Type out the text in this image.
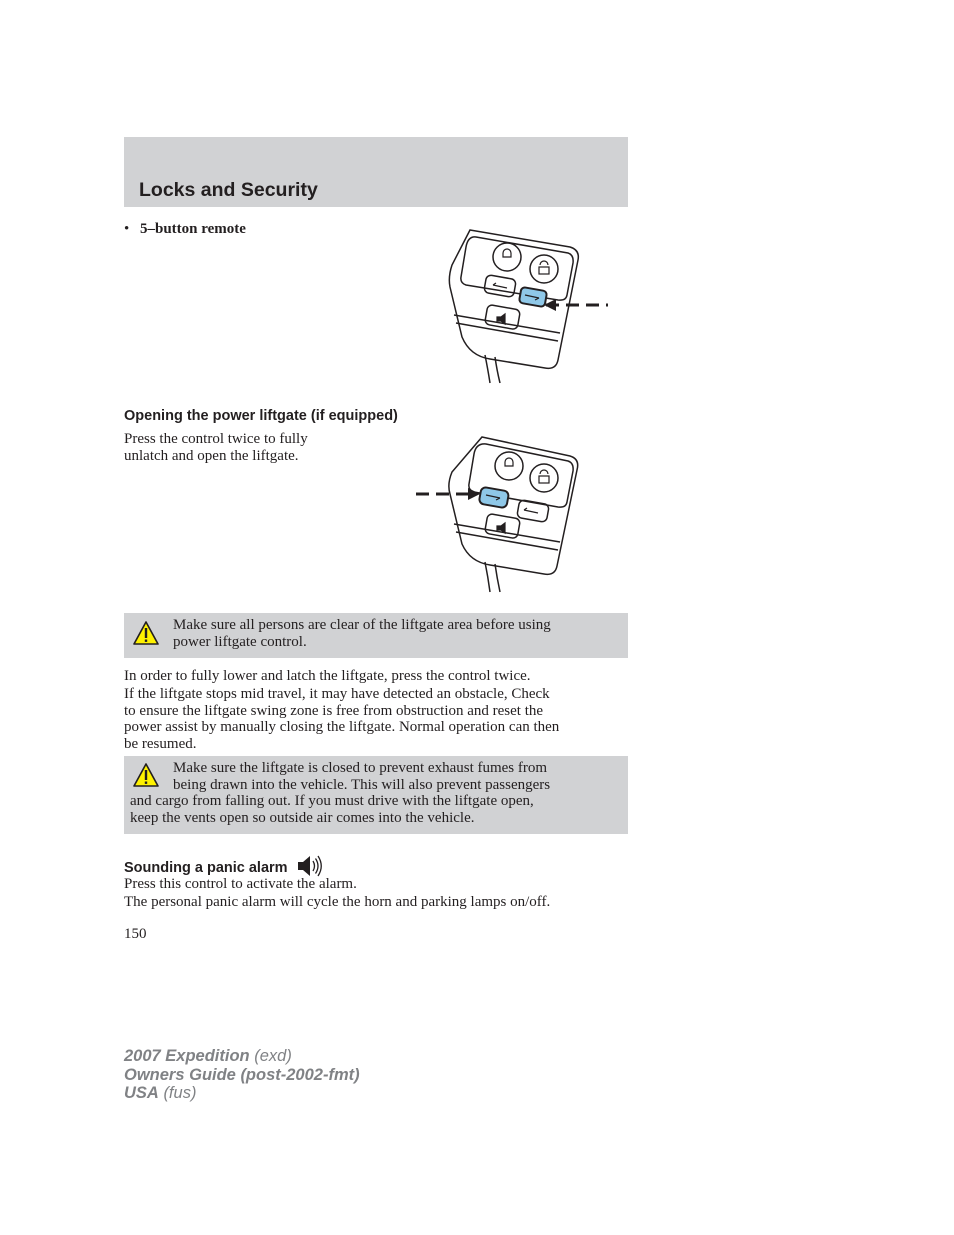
Locks and Security
• 5–button remote
Opening the power liftgate (if equipped)
Press the control twice to fully
unlatch and open the liftgate.
Make sure all persons are clear of the liftgate area before using
power liftgate control.
In order to fully lower and latch the liftgate, press the control twice.
If the liftgate stops mid travel, it may have detected an obstacle, Check
to ensure the liftgate swing zone is free from obstruction and reset the
power assist by manually closing the liftgate. Normal operation can then
be resumed.
Make sure the liftgate is closed to prevent exhaust fumes from
being drawn into the vehicle. This will also prevent passengers
and cargo from falling out. If you must drive with the liftgate open,
keep the vents open so outside air comes into the vehicle.
Sounding a panic alarm
Press this control to activate the alarm.
The personal panic alarm will cycle the horn and parking lamps on/off.
150
2007 Expedition (exd)
Owners Guide (post-2002-fmt)
USA (fus)
